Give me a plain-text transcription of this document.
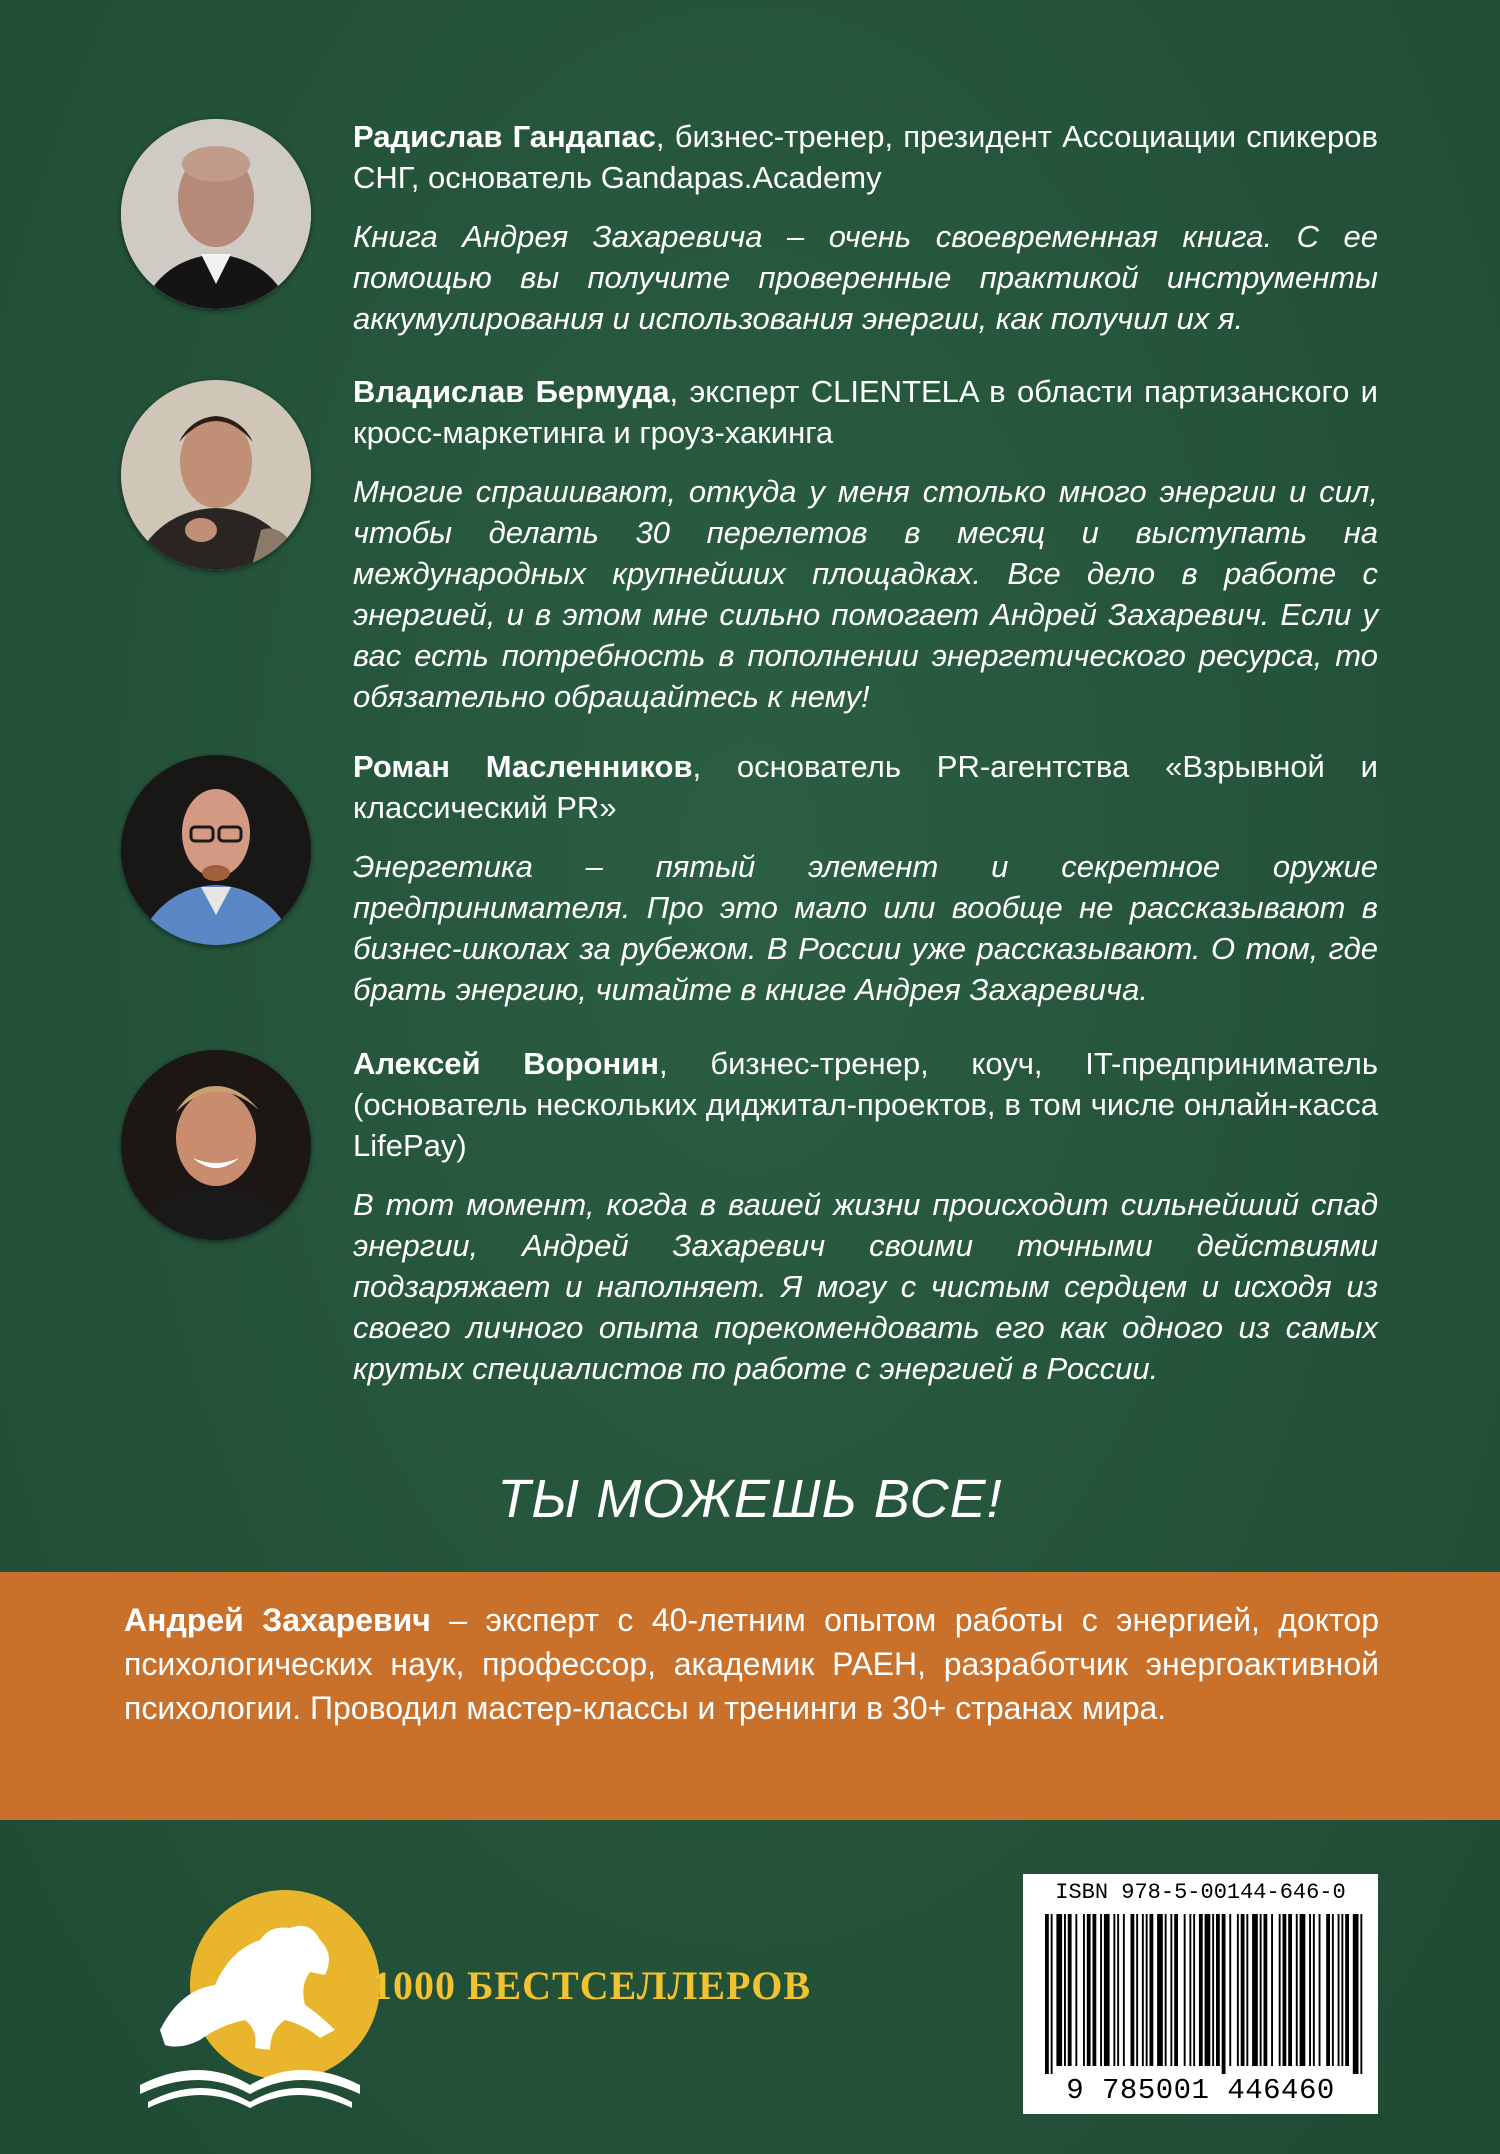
Радислав Гандапас, бизнес-тренер, президент Ассоциации спикеров СНГ, основатель Gandapas.Academy

Книга Андрея Захаревича – очень своевременная книга. С ее помощью вы получите проверенные практикой инструменты аккумулирования и использования энергии, как получил их я.

Владислав Бермуда, эксперт CLIENTELA в области партизанского и кросс-маркетинга и гроуз-хакинга

Многие спрашивают, откуда у меня столько много энергии и сил, чтобы делать 30 перелетов в месяц и выступать на международных крупнейших площадках. Все дело в работе с энергией, и в этом мне сильно помогает Андрей Захаревич. Если у вас есть потребность в пополнении энергетического ресурса, то обязательно обращайтесь к нему!

Роман Масленников, основатель PR-агентства «Взрывной и классический PR»

Энергетика – пятый элемент и секретное оружие предпринимателя. Про это мало или вообще не рассказывают в бизнес-школах за рубежом. В России уже рассказывают. О том, где брать энергию, читайте в книге Андрея Захаревича.

Алексей Воронин, бизнес-тренер, коуч, IT-предприниматель (основатель нескольких диджитал-проектов, в том числе онлайн-касса LifePay)

В тот момент, когда в вашей жизни происходит сильнейший спад энергии, Андрей Захаревич своими точными действиями подзаряжает и наполняет. Я могу с чистым сердцем и исходя из своего личного опыта порекомендовать его как одного из самых крутых специалистов по работе с энергией в России.

ТЫ МОЖЕШЬ ВСЕ!

Андрей Захаревич – эксперт с 40-летним опытом работы с энергией, доктор психологических наук, профессор, академик РАЕН, разработчик энергоактивной психологии. Проводил мастер-классы и тренинги в 30+ странах мира.

1000 БЕСТСЕЛЛЕРОВ

ISBN 978-5-00144-646-0

9 785001 446460
